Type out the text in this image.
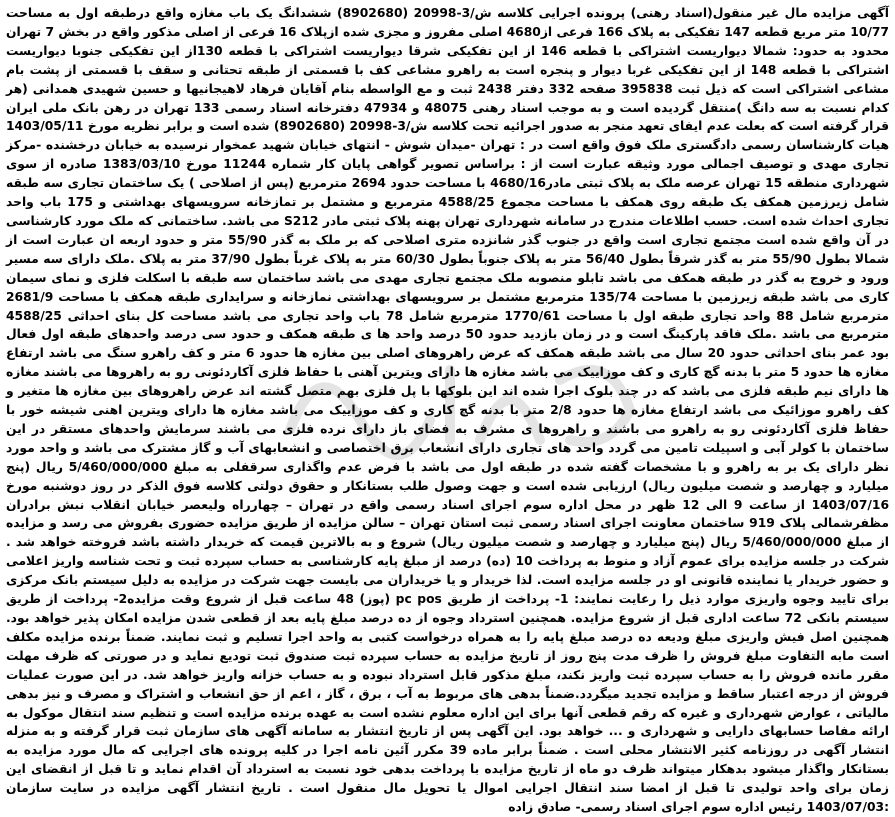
آگهی مزایده مال غیر منقول(اسناد رهنی) پرونده اجرایی کلاسه ش/3-20998 (8902680) ششدانگ یک باب مغازه واقع درطبقه اول به مساحت 10/77 متر مربع قطعه 147 تفکیکی به پلاک 166 فرعی از4680 اصلی مفروز و مجزی شده ازپلاک 16 فرعی از اصلی مذکور واقع در بخش 7 تهران محدود به حدود: شمالا دیواریست اشتراکی با قطعه 146 از این تفکیکی شرقا دیواریست اشتراکی با قطعه 130از این تفکیکی جنوبا دیواریست اشتراکی با قطعه 148 از این تفکیکی غربا دیوار و پنجره است به راهرو مشاعی کف با قسمتی از طبقه تحتانی و سقف با قسمتی از پشت بام مشاعی اشتراکی است که ذیل ثبت 395838 صفحه 332 دفتر 2438 ثبت و مع الواسطه بنام آقایان فرهاد لاهیجانیها و حسین شهیدی همدانی (هر کدام نسبت به سه دانگ )منتقل گردیده است و به موجب اسناد رهنی 48075 و 47934 دفترخانه اسناد رسمی 133 تهران در رهن بانک ملی ایران قرار گرفته است که بعلت عدم ایفای تعهد منجر به صدور اجرائیه تحت کلاسه ش/3-20998 (8902680) شده است و برابر نظریه مورخ 1403/05/11 هیات کارشناسان رسمی دادگستری ملک فوق واقع است در : تهران -میدان شوش - انتهای خیابان شهید عمخوار نرسیده به خیابان درخشنده -مرکز تجاری مهدی و توصیف اجمالی مورد وثیقه عبارت است از : براساس تصویر گواهی پایان کار شماره 11244 مورخ 1383/03/10 صادره از سوی شهرداری منطقه 15 تهران عرصه ملک به پلاک ثبتی مادر4680/16 با مساحت حدود 2694 مترمربع (پس از اصلاحی ) یک ساختمان تجاری سه طبقه شامل زیرزمین همکف یک طبقه روی همکف با مساحت مجموع 4588/25 مترمربع و مشتمل بر تمازخانه سرویسهای بهداشتی و 175 باب واحد تجاری احداث شده است. حسب اطلاعات مندرج در سامانه شهرداری تهران پهنه پلاک ثبتی مادر S212 می باشد. ساختمانی که ملک مورد کارشناسی در آن واقع شده است مجتمع تجاری است واقع در جنوب گذر شانزده متری اصلاحی که بر ملک به گذر 55/90 متر و حدود اربعه ان عبارت است از شمالا بطول 55/90 متر به گذر شرقاً بطول 56/40 متر به پلاک جنوباً بطول 60/30 متر به پلاک غرباً بطول 37/90 متر به پلاک .ملک دارای سه مسیر ورود و خروج به گذر در طبقه همکف می باشد تابلو منصوبه ملک مجتمع تجاری مهدی می باشد ساختمان سه طبقه با اسکلت فلزی و نمای سیمان کاری می باشد طبقه زیرزمین با مساحت 135/74 مترمربع مشتمل بر سرویسهای بهداشتی نمازخانه و سرایداری طبقه همکف با مساحت 2681/9 مترمربع شامل 88 واحد تجاری طبقه اول با مساحت 1770/61 مترمربع شامل 78 باب واحد تجاری می باشد مساحت کل بنای احداثی 4588/25 مترمربع می باشد .ملک فاقد پارکینگ است و در زمان بازدید حدود 50 درصد واحد ها ی طبقه همکف و حدود سی درصد واحدهای طبقه اول فعال بود عمر بنای احداثی حدود 20 سال می باشد طبقه همکف که عرض راهروهای اصلی بین مغازه ها حدود 6 متر و کف راهرو سنگ می باشد ارتفاع مغازه ها حدود 5 متر با بدنه گچ کاری و کف موزاییک می باشد مغازه ها دارای ویترین آهنی با حفاظ فلزی آکاردئونی رو به راهروها می باشند مغازه ها دارای نیم طبقه فلزی می باشد که در چند بلوک اجرا شده اند این بلوکها با پل فلزی بهم متصل گشته اند عرض راهروهای بین مغازه ها متغیر و کف راهرو موزائیک می باشد ارتفاع مغازه ها حدود 2/8 متر با بدنه گچ کاری و کف موزاییک می باشد مغازه ها دارای ویترین اهنی شیشه خور با حفاظ فلزی آکاردئونی رو به راهرو می باشند و راهروها ی مشرف به فضای باز دارای نرده فلزی می باشند سرمایش واحدهای مستقر در این ساختمان با کولر آبی و اسپیلت تامین می گردد واحد های تجاری دارای انشعاب برق اختصاصی و انشعابهای آب و گاز مشترک می باشد و واحد مورد نظر دارای یک بر به راهرو و با مشخصات گفته شده در طبقه اول می باشد با فرض عدم واگذاری سرقفلی به مبلغ 5/460/000/000 ریال (پنج میلیارد و چهارصد و شصت میلیون ریال) ارزیابی شده است و جهت وصول طلب بستانکار و حقوق دولتی کلاسه فوق الذکر در روز دوشنبه مورخ 1403/07/16 از ساعت 9 الی 12 ظهر در محل اداره سوم اجرای اسناد رسمی واقع در تهران – چهارراه ولیعصر خیابان انقلاب نبش برادران مظفرشمالی پلاک 919 ساختمان معاونت اجرای اسناد رسمی ثبت استان تهران – سالن مزایده از طریق مزایده حضوری بفروش می رسد و مزایده از مبلغ 5/460/000/000 ریال (پنج میلیارد و چهارصد و شصت میلیون ریال) شروع و به بالاترین قیمت که خریدار داشته باشد فروخته خواهد شد . شرکت در جلسه مزایده برای عموم آزاد و منوط به پرداخت 10 (ده) درصد از مبلغ پایه کارشناسی به حساب سپرده ثبت و تحت شناسه واریز اعلامی و حضور خریدار یا نماینده قانونی او در جلسه مزایده است. لذا خریدار و یا خریداران می بایست جهت شرکت در مزایده به دلیل سیستم بانک مرکزی برای تایید وجوه واریزی موارد ذیل را رعایت نمایند: 1- پرداخت از طریق pc pos (پوز) 48 ساعت قبل از شروع وقت مزایده2- پرداخت از طریق سیستم بانکی 72 ساعت اداری قبل از شروع مزایده. همچنین استرداد وجوه از ده درصد مبلغ پایه بعد از قطعی شدن مزایده امکان پذیر خواهد بود. همچنین اصل فیش واریزی مبلغ ودیعه ده درصد مبلغ پایه را به همراه درخواست کتبی به واحد اجرا تسلیم و ثبت نمایند. ضمناً برنده مزایده مکلف است مابه التفاوت مبلغ فروش را ظرف مدت پنج روز از تاریخ مزایده به حساب سپرده ثبت صندوق ثبت تودیع نماید و در صورتی که ظرف مهلت مقرر مانده فروش را به حساب سپرده ثبت واریز نکند، مبلغ مذکور قابل استرداد نبوده و به حساب خزانه واریز خواهد شد. در این صورت عملیات فروش از درجه اعتبار ساقط و مزایده تجدید میگردد.ضمناً بدهی های مربوط به آب ، برق ، گاز ، اعم از حق انشعاب و اشتراک و مصرف و نیز بدهی مالیاتی ، عوارض شهرداری و غیره که رقم قطعی آنها برای این اداره معلوم نشده است به عهده برنده مزایده است و تنظیم سند انتقال موکول به ارائه مفاصا حسابهای دارایی و شهرداری و ... خواهد بود. این آگهی پس از تاریخ انتشار به سامانه آگهی های سازمان ثبت قرار گرفته و به منزله انتشار آگهی در روزنامه کثیر الانتشار محلی است . ضمناً برابر ماده 39 مکرر آئین نامه اجرا در کلیه پرونده های اجرایی که مال مورد مزایده به بستانکار واگذار میشود بدهکار میتواند ظرف دو ماه از تاریخ مزایده با پرداخت بدهی خود نسبت به استرداد آن اقدام نماید و تا قبل از انقضای این زمان برای واحد تولیدی تا قبل از امضا سند انتقال اجرایی اموال یا تحویل مال منقول است . تاریخ انتشار آگهی مزایده در سایت سازمان :1403/07/03 رئیس اداره سوم اجرای اسناد رسمی- صادق زاده
